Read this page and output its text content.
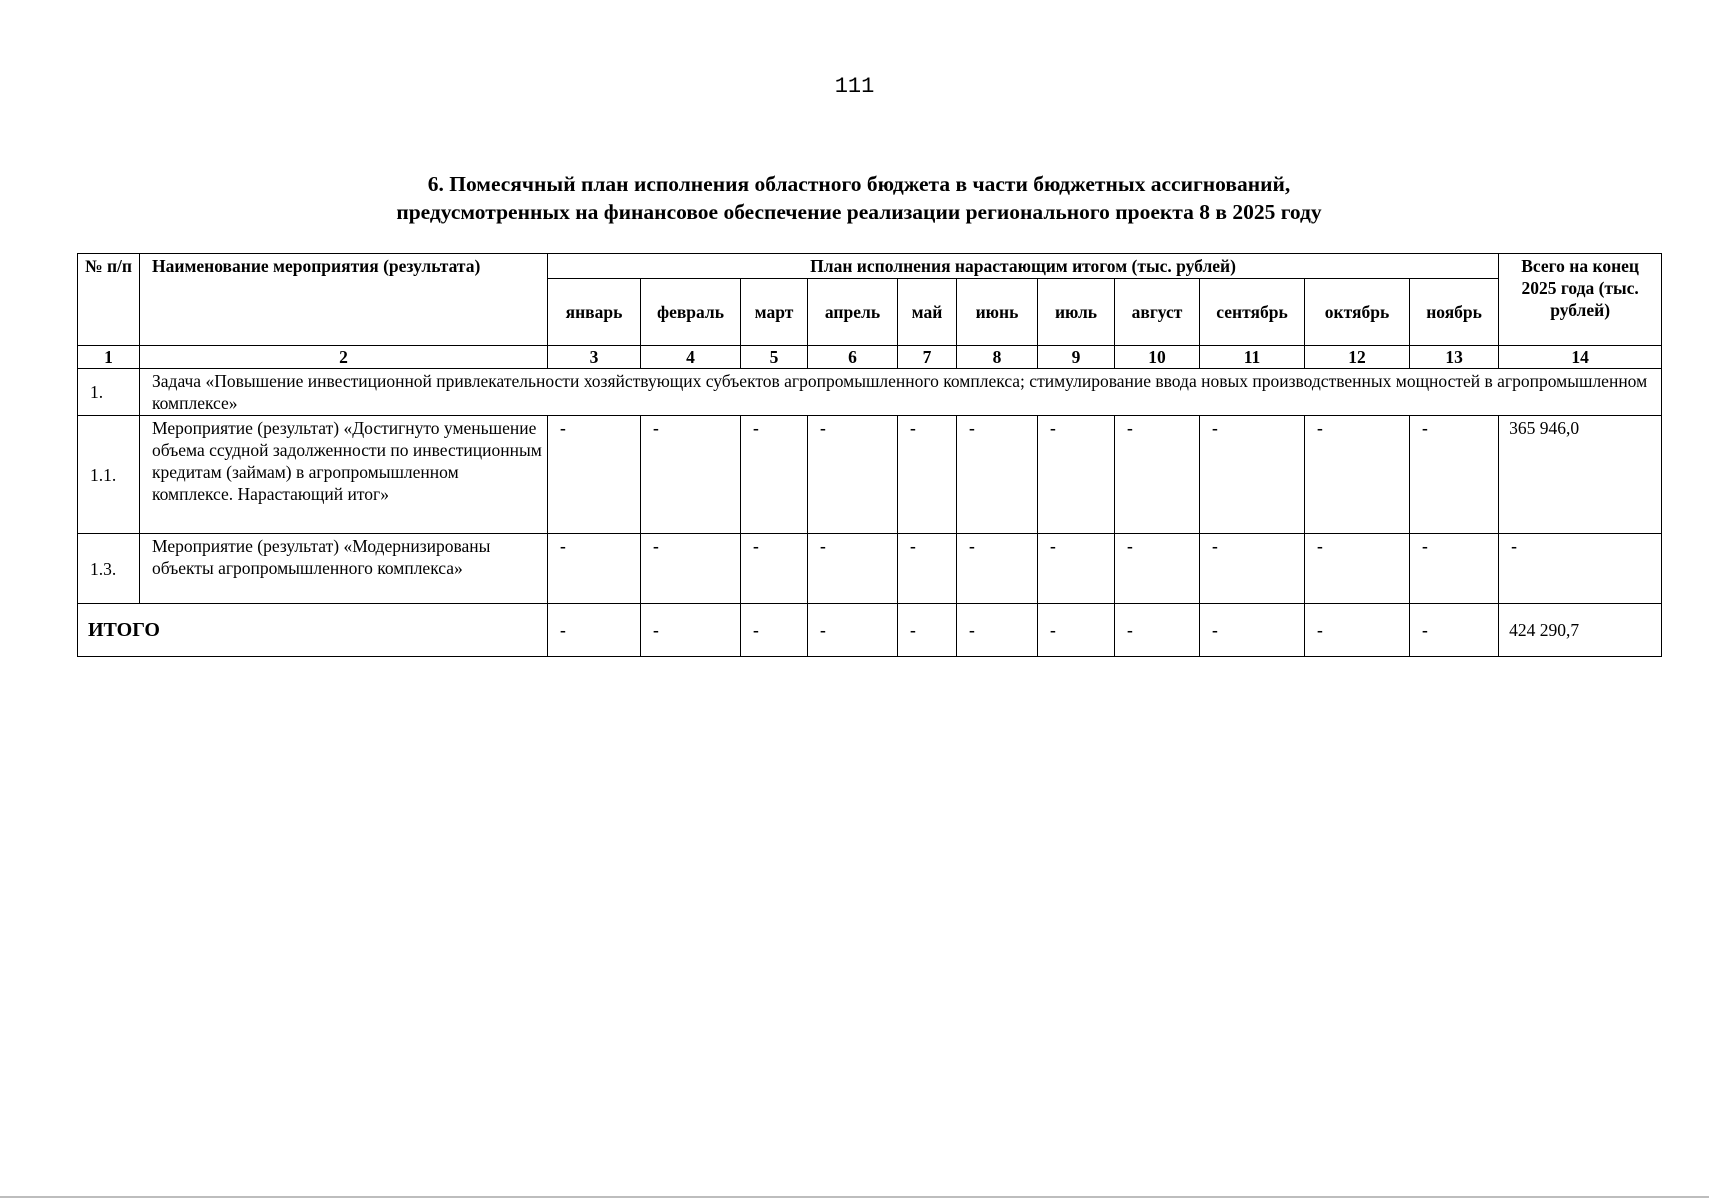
111
6. Помесячный план исполнения областного бюджета в части бюджетных ассигнований,
предусмотренных на финансовое обеспечение реализации регионального проекта 8 в 2025 году
№ п/п	Наименование мероприятия (результата)	План исполнения нарастающим итогом (тыс. рублей)											Всего на конец 2025 года (тыс. рублей)
		январь	февраль	март	апрель	май	июнь	июль	август	сентябрь	октябрь	ноябрь	
1	2	3	4	5	6	7	8	9	10	11	12	13	14
1.	Задача «Повышение инвестиционной привлекательности хозяйствующих субъектов агропромышленного комплекса; стимулирование ввода новых производственных мощностей в агропромышленном комплексе»												
1.1.	Мероприятие (результат) «Достигнуто уменьшение объема ссудной задолженности по инвестиционным кредитам (займам) в агропромышленном комплексе. Нарастающий итог»	-	-	-	-	-	-	-	-	-	-	-	365 946,0
1.3.	Мероприятие (результат) «Модернизированы объекты агропромышленного комплекса»	-	-	-	-	-	-	-	-	-	-	-	-
ИТОГО		-	-	-	-	-	-	-	-	-	-	-	424 290,7
